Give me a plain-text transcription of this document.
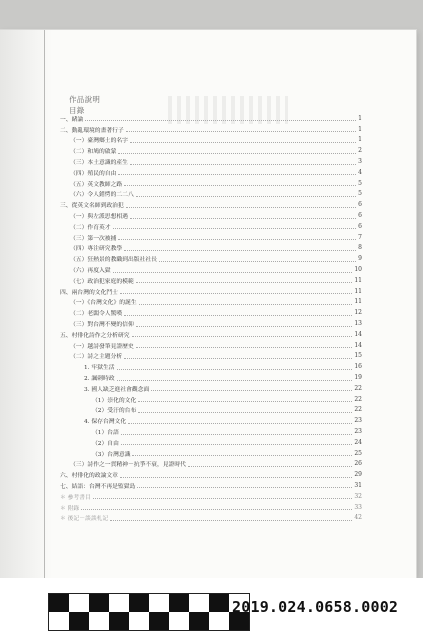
作品說明
目錄
一、緒論	1
二、動亂環境的畫著行子	1
（一）臺灣鄉土的名字	1
（二）和鳩的啟蒙	2
（三）本土意識的產生	3
（四）殖民的自由	4
（五）英文教師之路	5
（六）令人錯愕的二二八	5
三、從英文名師到政治犯	6
（一）與左派思想相遇	6
（二）作育英才	6
（三）第一次被捕	7
（四）專注研究教學	8
（五）狂熱景的教職到出版社社長	9
（六）再度入獄	10
（七）政治犯家庭的模範	11
四、兩台灣的文化鬥士	11
（一）《台灣文化》的誕生	11
（二）老闆令人驚嘆	12
（三）對台灣不變的信仰	13
五、村俳化詩作之分析研究	14
（一）越詩發筆見證歷史	14
（二）詩之主題分析	15
1. 牢獄生活	16
2. 諷刺時政	19
3. 國人缺乏進社會觀念面	22
（1）崇化的文化	22
（2）受汙的台布	22
4. 保存台灣文化	23
（1）台語	23
（2）自由	24
（3）台灣意識	25
（三）詩作之一貫精神－抗爭不衰，見證時代	26
六、村俳化的政論文章	29
七、結語：台灣不再是監獄島	31
＊ 參考書目	32
＊ 附錄	33
＊ 後記－談談札記	42
2019.024.0658.0002
